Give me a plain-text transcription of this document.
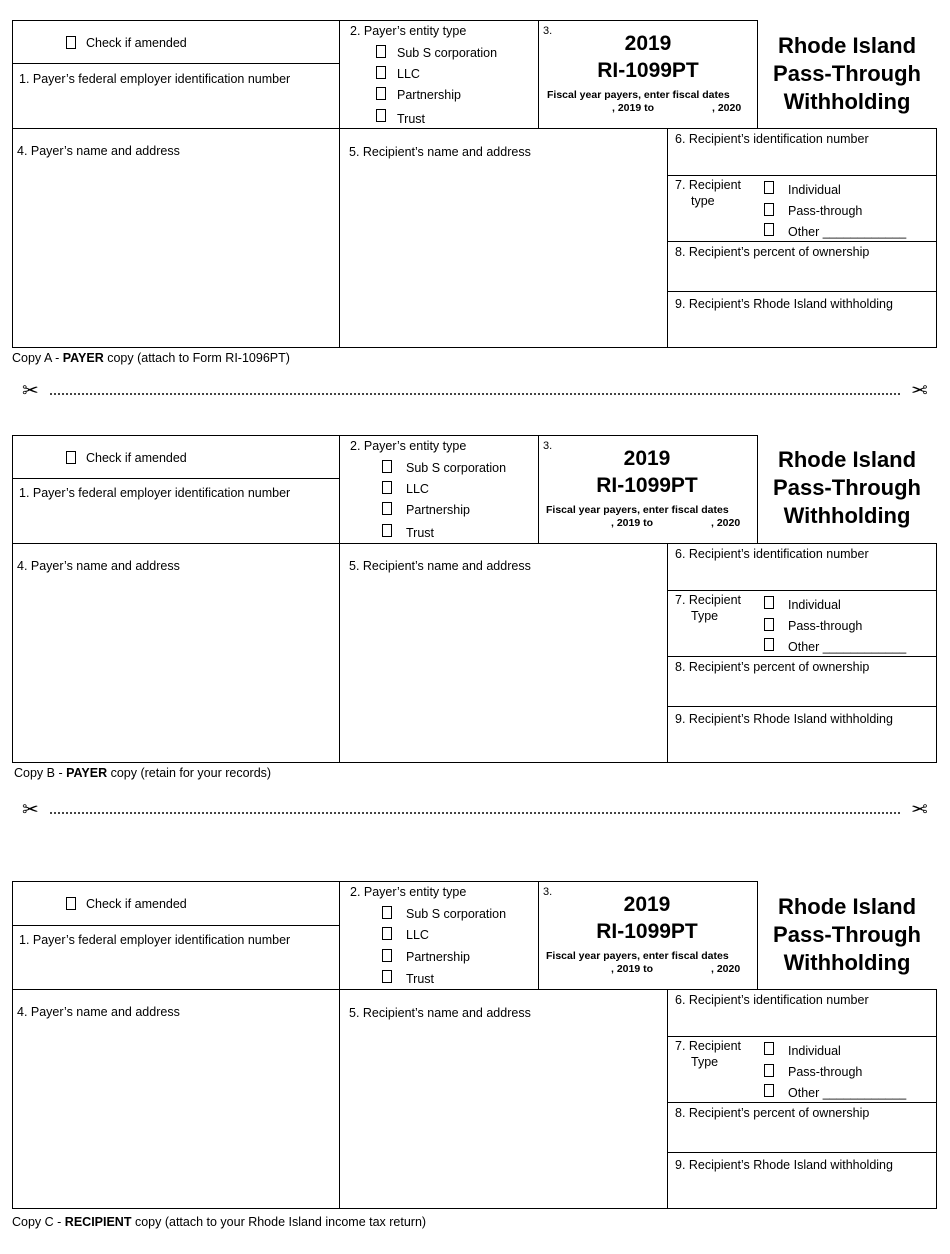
Check if amended
1. Payer’s federal employer identification number
2. Payer’s entity type
Sub S corporation
LLC
Partnership
Trust
3.
2019
RI-1099PT
Fiscal year payers, enter fiscal dates
, 2019 to	, 2020
Rhode Island
Pass-Through
Withholding
4. Payer’s name and address	5. Recipient’s name and address
6. Recipient’s identification number
7. Recipient
type
Individual
Pass-through
Other ____________
8. Recipient’s percent of ownership
9. Recipient’s Rhode Island withholding
Copy A - PAYER copy (attach to Form RI-1096PT)
✂	✂
Check if amended
1. Payer’s federal employer identification number
2. Payer’s entity type
Sub S corporation
LLC
Partnership
Trust
3.
2019
RI-1099PT
Fiscal year payers, enter fiscal dates
, 2019 to	, 2020
Rhode Island
Pass-Through
Withholding
4. Payer’s name and address	5. Recipient’s name and address
6. Recipient’s identification number
7. Recipient
Type
Individual
Pass-through
Other ____________
8. Recipient’s percent of ownership
9. Recipient’s Rhode Island withholding
Copy B - PAYER copy (retain for your records)
✂	✂
Check if amended
1. Payer’s federal employer identification number
2. Payer’s entity type
Sub S corporation
LLC
Partnership
Trust
3.
2019
RI-1099PT
Fiscal year payers, enter fiscal dates
, 2019 to	, 2020
Rhode Island
Pass-Through
Withholding
4. Payer’s name and address	5. Recipient’s name and address
6. Recipient’s identification number
7. Recipient
Type
Individual
Pass-through
Other ____________
8. Recipient’s percent of ownership
9. Recipient’s Rhode Island withholding
Copy C - RECIPIENT copy (attach to your Rhode Island income tax return)
